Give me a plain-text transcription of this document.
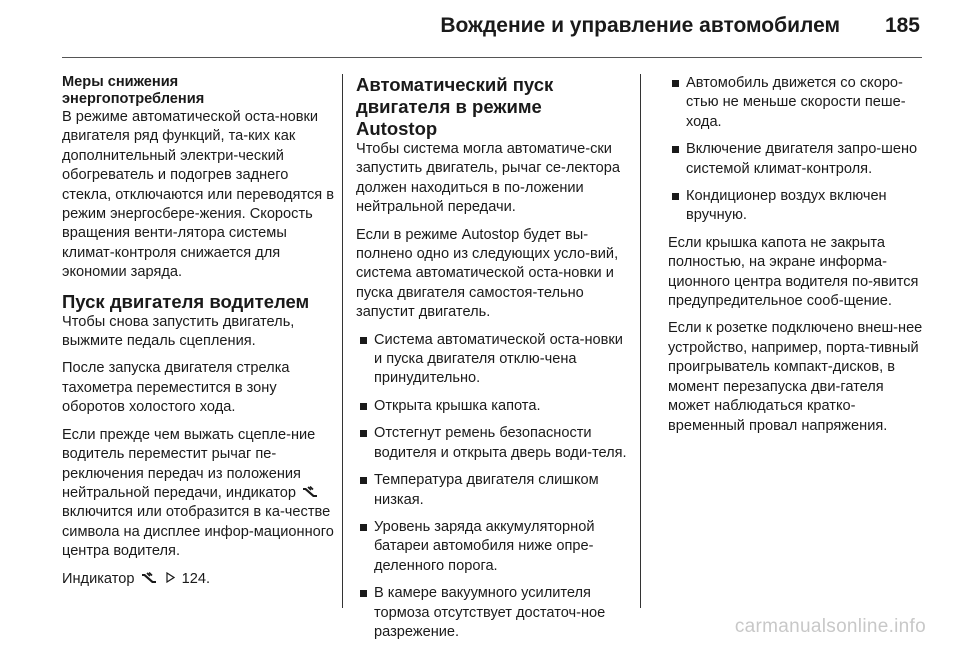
Вождение и управление автомобилем 185
Меры снижения
энергопотребления

В режиме автоматической оста-новки двигателя ряд функций, та-ких как дополнительный электри-ческий обогреватель и подогрев заднего стекла, отключаются или переводятся в режим энергосбере-жения. Скорость вращения венти-лятора системы климат-контроля снижается для экономии заряда.

Пуск двигателя водителем

Чтобы снова запустить двигатель, выжмите педаль сцепления.

После запуска двигателя стрелка тахометра переместится в зону оборотов холостого хода.

Если прежде чем выжать сцепле-ние водитель переместит рычаг пе-реключения передач из положения нейтральной передачи, индикатор  включится или отобразится в ка-честве символа на дисплее инфор-мационного центра водителя.

Индикатор	124.

Автоматический пуск
двигателя в режиме Autostop

Чтобы система могла автоматиче-ски запустить двигатель, рычаг се-лектора должен находиться в по-ложении нейтральной передачи.

Если в режиме Autostop будет вы-полнено одно из следующих усло-вий, система автоматической оста-новки и пуска двигателя самостоя-тельно запустит двигатель.

Система автоматической оста-новки и пуска двигателя отклю-чена принудительно.
Открыта крышка капота.
Отстегнут ремень безопасности водителя и открыта дверь води-теля.
Температура двигателя слишком низкая.
Уровень заряда аккумуляторной батареи автомобиля ниже опре-деленного порога.
В камере вакуумного усилителя тормоза отсутствует достаточ-ное разрежение.
Автомобиль движется со скоро-стью не меньше скорости пеше-хода.
Включение двигателя запро-шено системой климат-контроля.
Кондиционер воздух включен вручную.

Если крышка капота не закрыта полностью, на экране информа-ционного центра водителя по-явится предупредительное сооб-щение.

Если к розетке подключено внеш-нее устройство, например, порта-тивный проигрыватель компакт-дисков, в момент перезапуска дви-гателя может наблюдаться кратко-временный провал напряжения.

carmanualsonline.info
